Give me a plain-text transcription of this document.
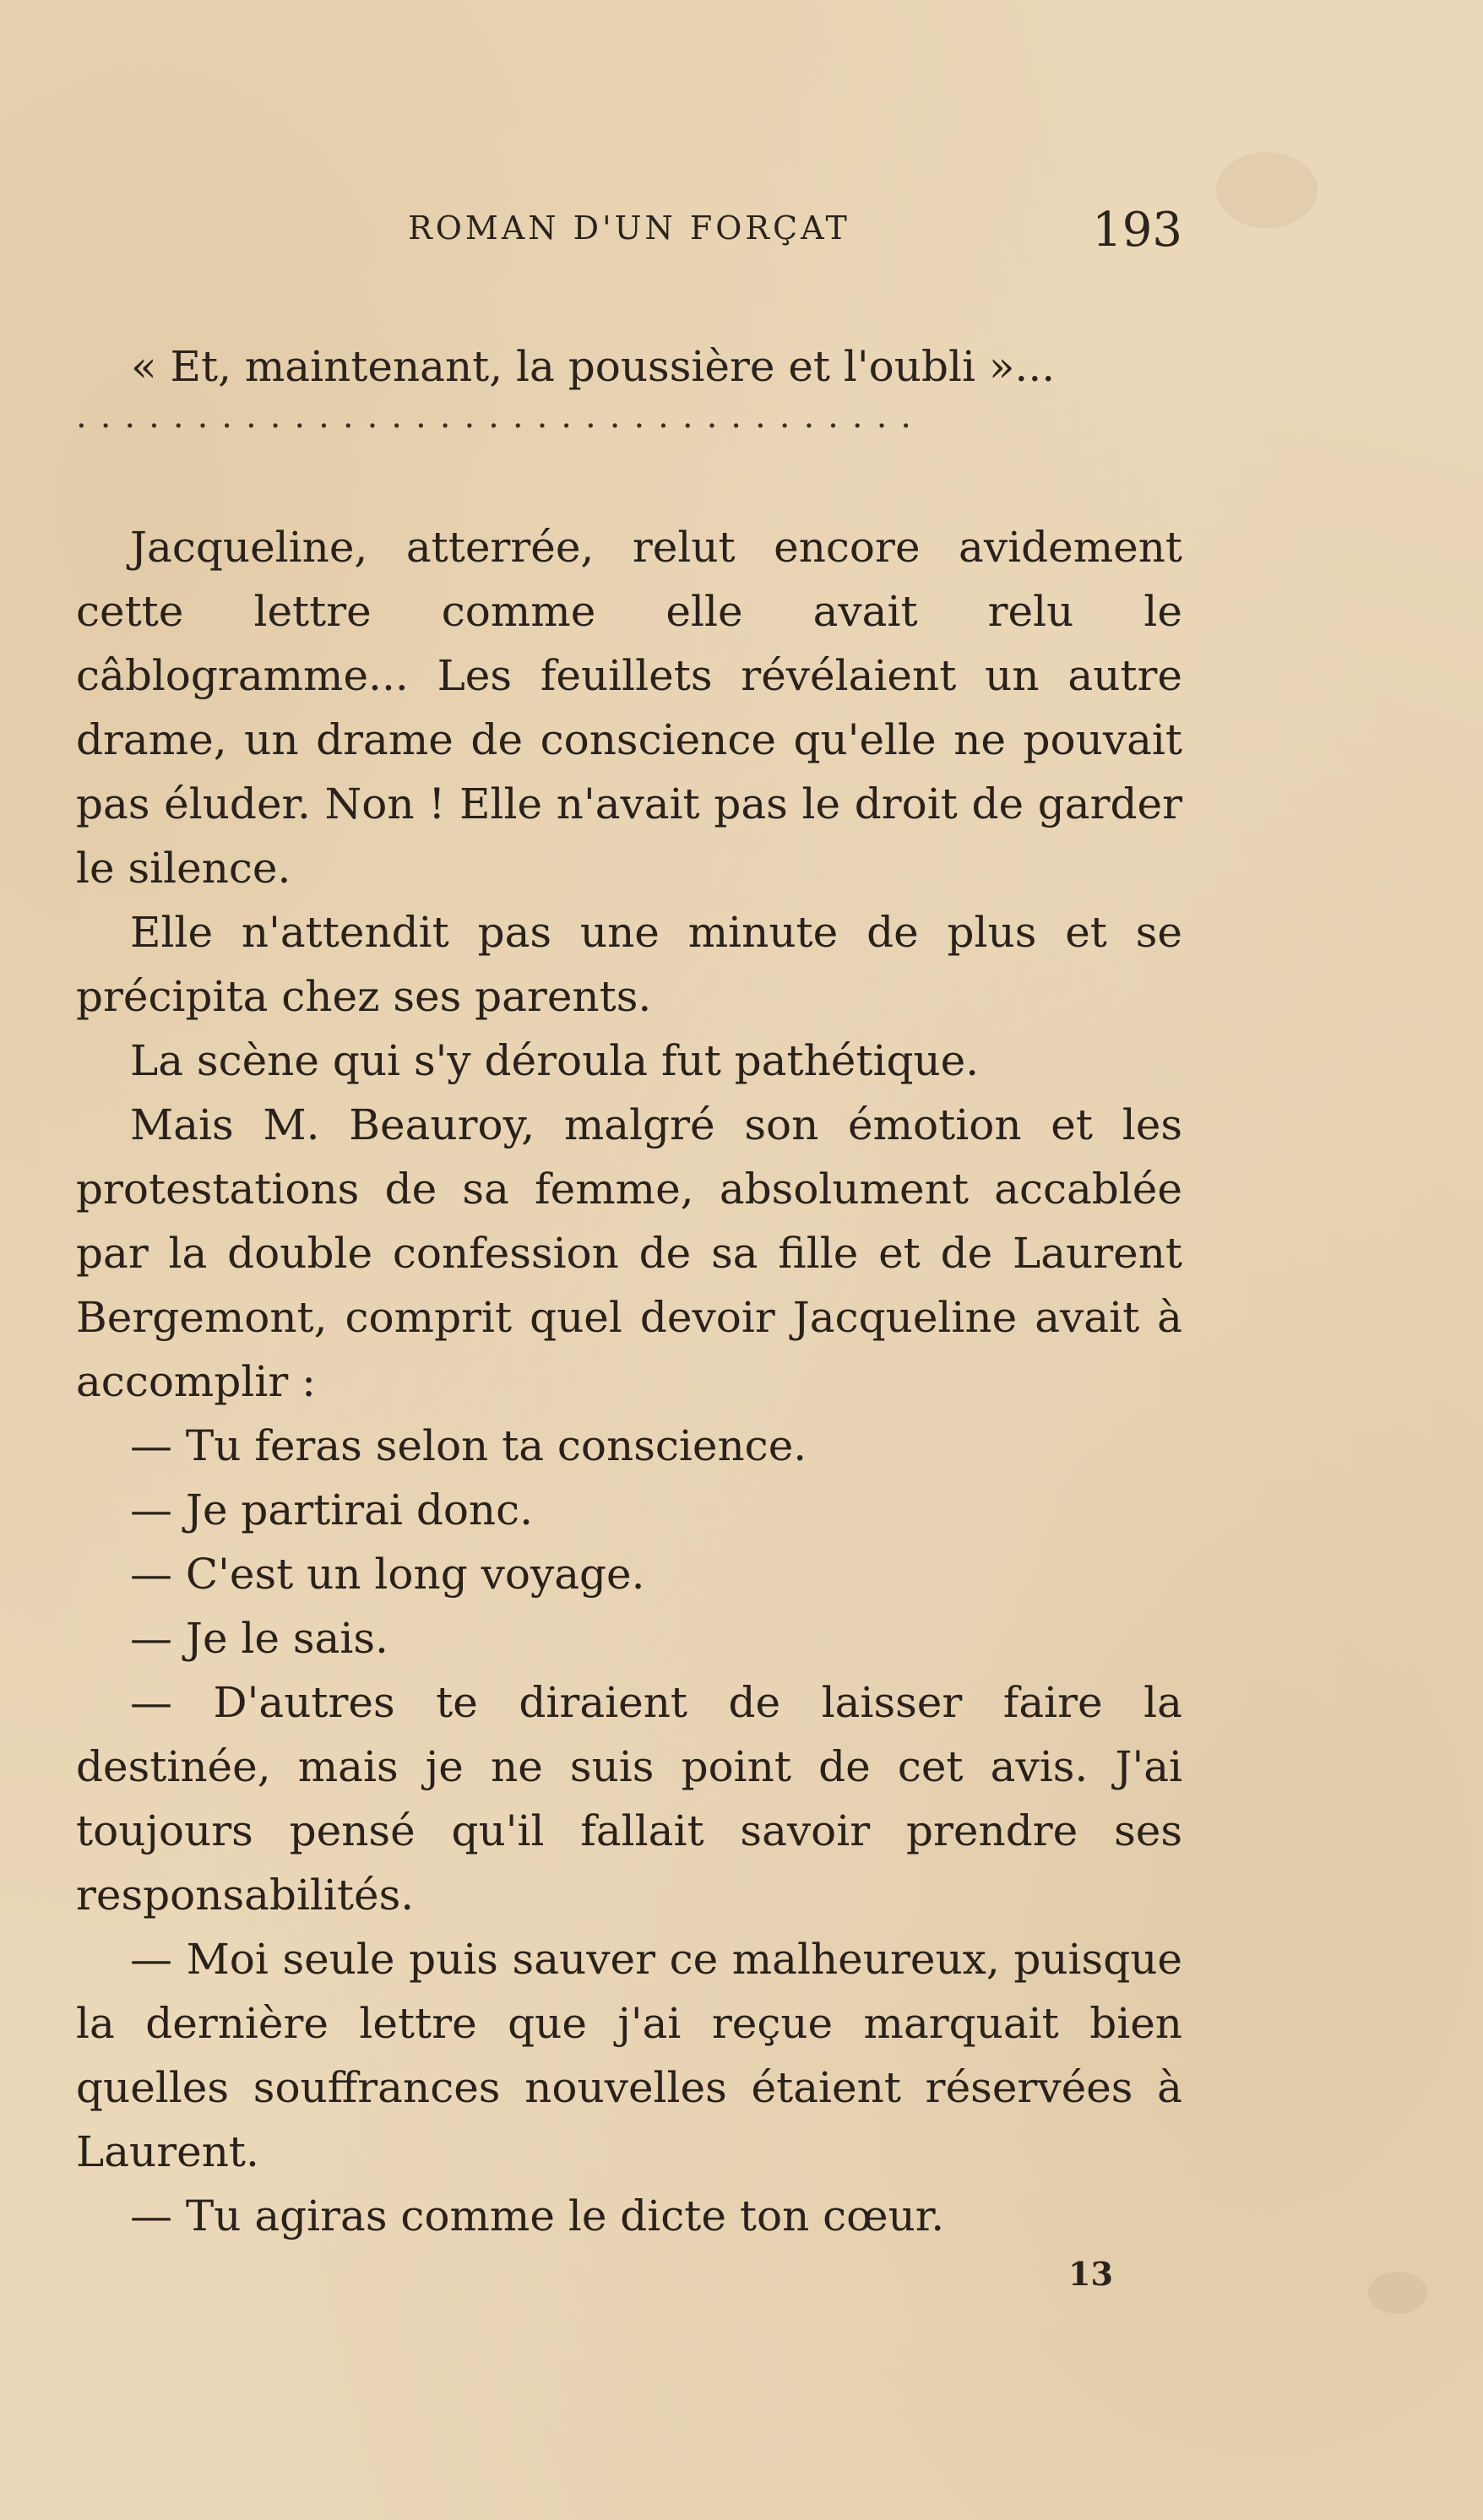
ROMAN D'UN FORÇAT	193
« Et, maintenant, la poussière et l'oubli »...
...................................

Jacqueline, atterrée, relut encore avidement cette lettre comme elle avait relu le câblogramme... Les feuillets révélaient un autre drame, un drame de conscience qu'elle ne pouvait pas éluder. Non ! Elle n'avait pas le droit de garder le silence.

Elle n'attendit pas une minute de plus et se précipita chez ses parents.

La scène qui s'y déroula fut pathétique.

Mais M. Beauroy, malgré son émotion et les protestations de sa femme, absolument accablée par la double confession de sa fille et de Laurent Bergemont, comprit quel devoir Jacqueline avait à accomplir :

— Tu feras selon ta conscience.

— Je partirai donc.

— C'est un long voyage.

— Je le sais.

— D'autres te diraient de laisser faire la destinée, mais je ne suis point de cet avis. J'ai toujours pensé qu'il fallait savoir prendre ses responsabilités.

— Moi seule puis sauver ce malheureux, puisque la dernière lettre que j'ai reçue marquait bien quelles souffrances nouvelles étaient réservées à Laurent.

— Tu agiras comme le dicte ton cœur.

13
